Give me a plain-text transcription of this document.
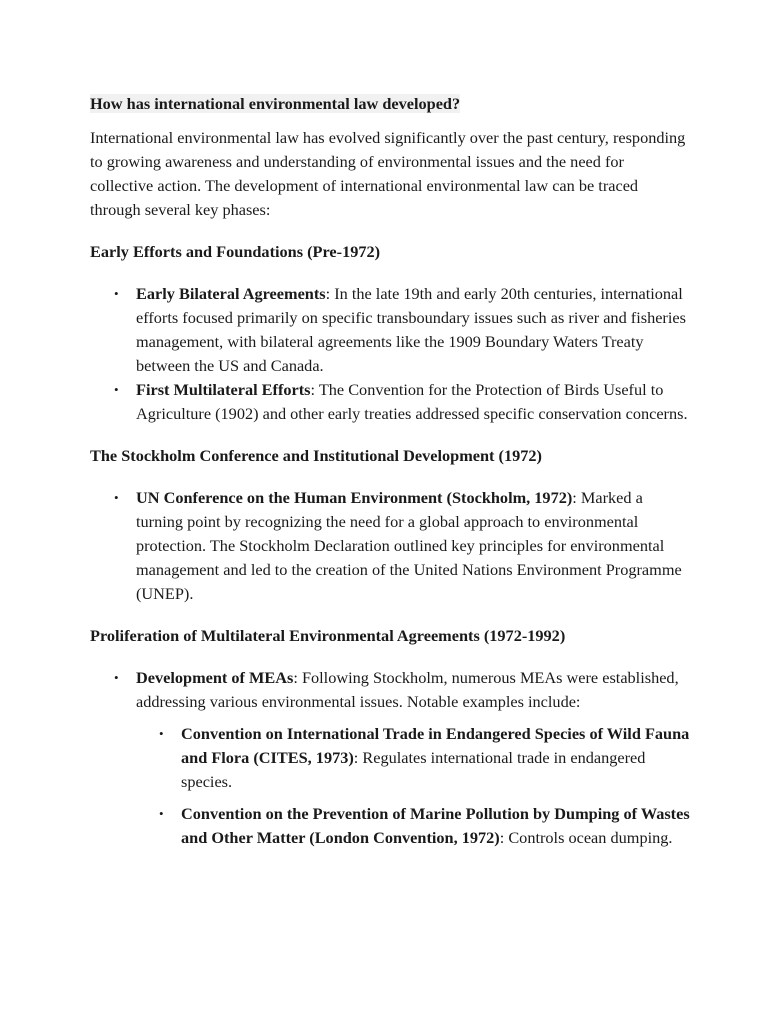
How has international environmental law developed?

International environmental law has evolved significantly over the past century, responding to growing awareness and understanding of environmental issues and the need for collective action. The development of international environmental law can be traced through several key phases:

Early Efforts and Foundations (Pre-1972)
• Early Bilateral Agreements: In the late 19th and early 20th centuries, international efforts focused primarily on specific transboundary issues such as river and fisheries management, with bilateral agreements like the 1909 Boundary Waters Treaty between the US and Canada.
• First Multilateral Efforts: The Convention for the Protection of Birds Useful to Agriculture (1902) and other early treaties addressed specific conservation concerns.
The Stockholm Conference and Institutional Development (1972)
• UN Conference on the Human Environment (Stockholm, 1972): Marked a turning point by recognizing the need for a global approach to environmental protection. The Stockholm Declaration outlined key principles for environmental management and led to the creation of the United Nations Environment Programme (UNEP).
Proliferation of Multilateral Environmental Agreements (1972-1992)
• Development of MEAs: Following Stockholm, numerous MEAs were established, addressing various environmental issues. Notable examples include:
• Convention on International Trade in Endangered Species of Wild Fauna and Flora (CITES, 1973): Regulates international trade in endangered species.
• Convention on the Prevention of Marine Pollution by Dumping of Wastes and Other Matter (London Convention, 1972): Controls ocean dumping.
